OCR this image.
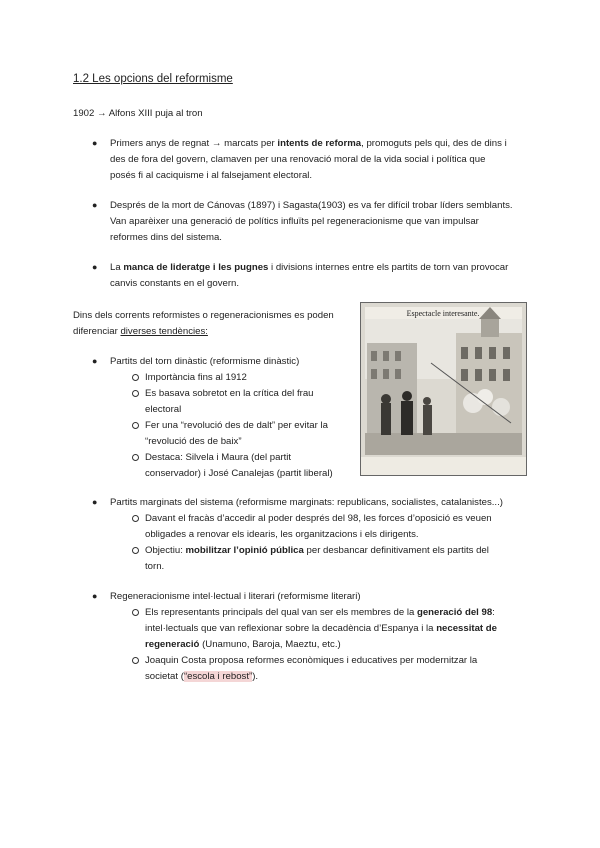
1.2 Les opcions del reformisme
1902 → Alfons XIII puja al tron
● Primers anys de regnat → marcats per intents de reforma, promoguts pels qui, des de dins i
des de fora del govern, clamaven per una renovació moral de la vida social i política que
posés fi al caciquisme i al falsejament electoral.
● Després de la mort de Cánovas (1897) i Sagasta(1903) es va fer difícil trobar líders semblants.
Van aparèixer una generació de polítics influïts pel regeneracionisme que van impulsar
reformes dins del sistema.
● La manca de lideratge i les pugnes i divisions internes entre els partits de torn van provocar
canvis constants en el govern.
Dins dels corrents reformistes o regeneracionismes es poden
diferenciar diverses tendències:
● Partits del torn dinàstic (reformisme dinàstic)
Importància fins al 1912
Es basava sobretot en la crítica del frau
electoral
Fer una “revolució des de dalt” per evitar la
“revolució des de baix”
Destaca: Silvela i Maura (del partit
conservador) i José Canalejas (partit liberal)
Espectacle interesante.
● Partits marginats del sistema (reformisme marginats: republicans, socialistes, catalanistes...)
Davant el fracàs d’accedir al poder després del 98, les forces d’oposició es veuen
obligades a renovar els idearis, les organitzacions i els dirigents.
Objectiu: mobilitzar l’opinió pública per desbancar definitivament els partits del
torn.
● Regeneracionisme intel·lectual i literari (reformisme literari)
Els representants principals del qual van ser els membres de la generació del 98:
intel·lectuals que van reflexionar sobre la decadència d’Espanya i la necessitat de
regeneració (Unamuno, Baroja, Maeztu, etc.)
Joaquin Costa proposa reformes econòmiques i educatives per modernitzar la
societat (“escola i rebost”).
